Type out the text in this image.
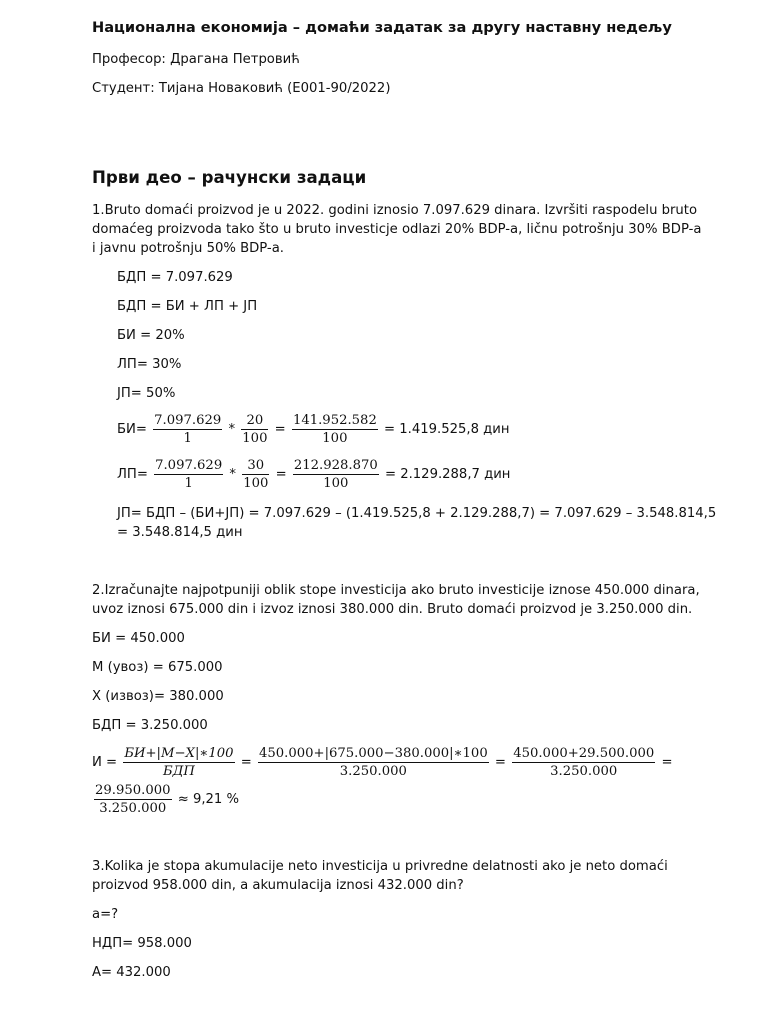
Национална економија – домаћи задатак за другу наставну недељу
Професор: Драгана Петровић
Студент: Тијана Новаковић (Е001-90/2022)
Први део – рачунски задаци
1.Bruto domaći proizvod je u 2022. godini iznosio 7.097.629 dinara. Izvršiti raspodelu bruto
domaćeg proizvoda tako što u bruto investicje odlazi 20% BDP-a, ličnu potrošnju 30% BDP-a
i javnu potrošnju 50% BDP-a.
БДП = 7.097.629
БДП = БИ + ЛП + ЈП
БИ = 20%
ЛП= 30%
ЈП= 50%
$БИ= \frac{7.097.629}{1} * \frac{20}{100} = \frac{141.952.582}{100} = 1.419.525,8$ дин
$ЛП= \frac{7.097.629}{1} * \frac{30}{100} = \frac{212.928.870}{100} = 2.129.288,7$ дин
ЈП= БДП – (БИ+ЈП) = 7.097.629 – (1.419.525,8 + 2.129.288,7) = 7.097.629 – 3.548.814,5
= 3.548.814,5 дин
2.Izračunajte najpotpuniji oblik stope investicija ako bruto investicije iznose 450.000 dinara,
uvoz iznosi 675.000 din i izvoz iznosi 380.000 din. Bruto domaći proizvod je 3.250.000 din.
БИ = 450.000
М (увоз) = 675.000
Х (извоз)= 380.000
БДП = 3.250.000
$И = \frac{БИ+|М-Х|∗100}{\text{БДП}} = \frac{450.000+|675.000-380.000|∗100}{3.250.000} = \frac{450.000+29.500.000}{3.250.000}$ =
$\frac{29.950.000}{3.250.000} \approx 9,21$ %
3.Kolika je stopa akumulacije neto investicija u privredne delatnosti ako je neto domaći
proizvod 958.000 din, a akumulacija iznosi 432.000 din?
а=?
НДП= 958.000
А= 432.000
